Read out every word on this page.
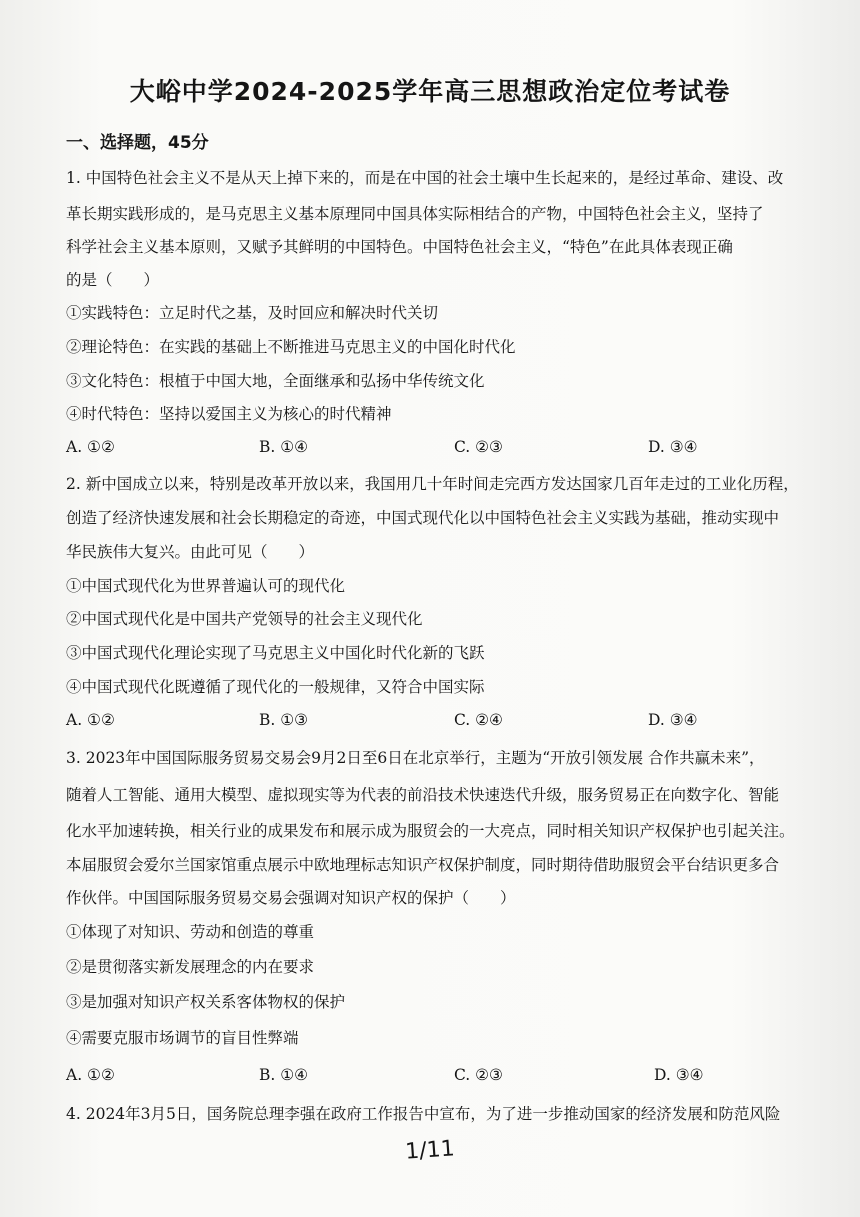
大峪中学2024-2025学年高三思想政治定位考试卷
一、选择题，45分
1. 中国特色社会主义不是从天上掉下来的，而是在中国的社会土壤中生长起来的，是经过革命、建设、改
革长期实践形成的，是马克思主义基本原理同中国具体实际相结合的产物，中国特色社会主义，坚持了
科学社会主义基本原则，又赋予其鲜明的中国特色。中国特色社会主义，“特色”在此具体表现正确
的是（　　）
①实践特色：立足时代之基，及时回应和解决时代关切
②理论特色：在实践的基础上不断推进马克思主义的中国化时代化
③文化特色：根植于中国大地，全面继承和弘扬中华传统文化
④时代特色：坚持以爱国主义为核心的时代精神
A. ①②	B. ①④	C. ②③	D. ③④
2. 新中国成立以来，特别是改革开放以来，我国用几十年时间走完西方发达国家几百年走过的工业化历程，
创造了经济快速发展和社会长期稳定的奇迹，中国式现代化以中国特色社会主义实践为基础，推动实现中
华民族伟大复兴。由此可见（　　）
①中国式现代化为世界普遍认可的现代化
②中国式现代化是中国共产党领导的社会主义现代化
③中国式现代化理论实现了马克思主义中国化时代化新的飞跃
④中国式现代化既遵循了现代化的一般规律，又符合中国实际
A. ①②	B. ①③	C. ②④	D. ③④
3. 2023年中国国际服务贸易交易会9月2日至6日在北京举行，主题为“开放引领发展 合作共赢未来”，
随着人工智能、通用大模型、虚拟现实等为代表的前沿技术快速迭代升级，服务贸易正在向数字化、智能
化水平加速转换，相关行业的成果发布和展示成为服贸会的一大亮点，同时相关知识产权保护也引起关注。
本届服贸会爱尔兰国家馆重点展示中欧地理标志知识产权保护制度，同时期待借助服贸会平台结识更多合
作伙伴。中国国际服务贸易交易会强调对知识产权的保护（　　）
①体现了对知识、劳动和创造的尊重
②是贯彻落实新发展理念的内在要求
③是加强对知识产权关系客体物权的保护
④需要克服市场调节的盲目性弊端
A. ①②	B. ①④	C. ②③	D. ③④
4. 2024年3月5日，国务院总理李强在政府工作报告中宣布，为了进一步推动国家的经济发展和防范风险
1/11
